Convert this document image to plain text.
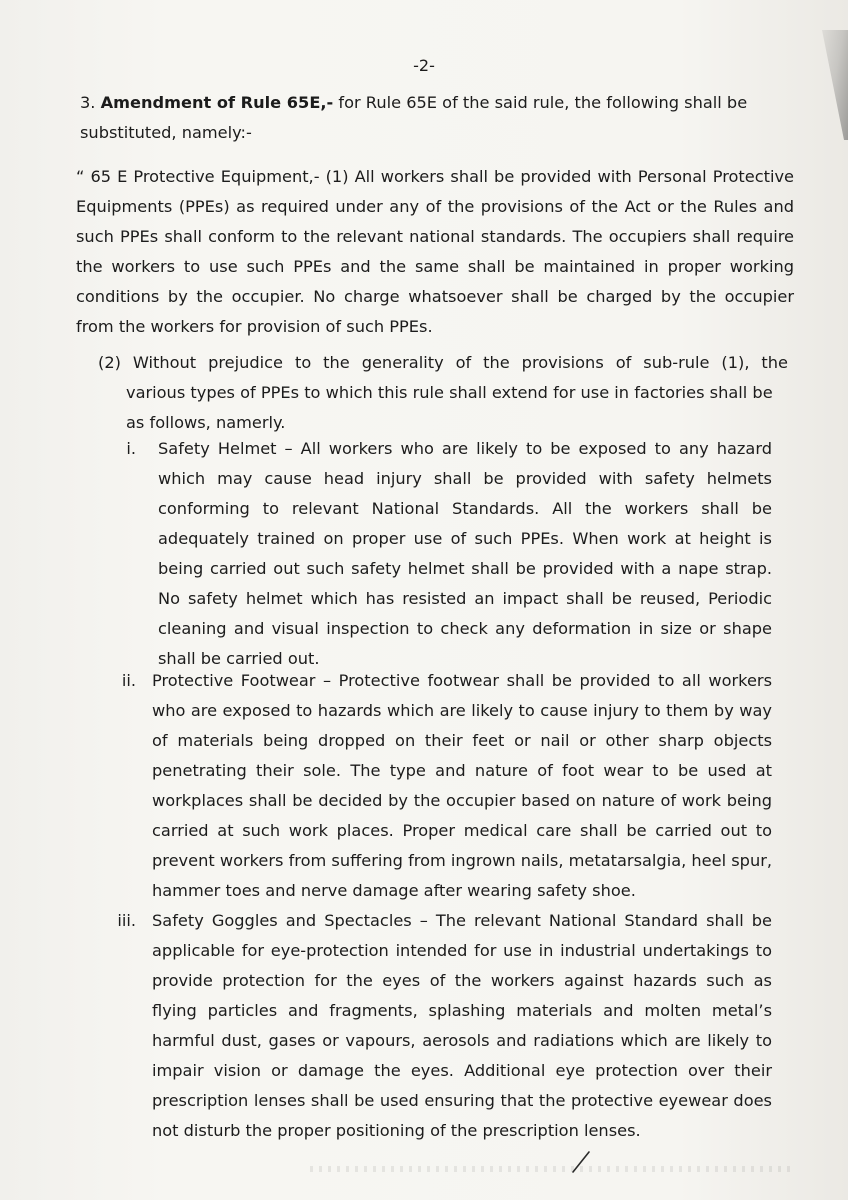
-2-
3. Amendment of Rule 65E,- for Rule 65E of the said rule, the following shall be substituted, namely:-
“ 65 E Protective Equipment,- (1) All workers shall be provided with Personal Protective Equipments (PPEs) as required under any of the provisions of the Act or the Rules and such PPEs shall conform to the relevant national standards. The occupiers shall require the workers to use such PPEs and the same shall be maintained in proper working conditions by the occupier. No charge whatsoever shall be charged by the occupier from the workers for provision of such PPEs.
(2) Without prejudice to the generality of the provisions of sub-rule (1), the
various types of PPEs to which this rule shall extend for use in factories shall be as follows, namerly.
i. Safety Helmet – All workers who are likely to be exposed to any hazard which may cause head injury shall be provided with safety helmets conforming to relevant National Standards. All the workers shall be adequately trained on proper use of such PPEs. When work at height is being carried out such safety helmet shall be provided with a nape strap. No safety helmet which has resisted an impact shall be reused, Periodic cleaning and visual inspection to check any deformation in size or shape shall be carried out.
ii. Protective Footwear – Protective footwear shall be provided to all workers who are exposed to hazards which are likely to cause injury to them by way of materials being dropped on their feet or nail or other sharp objects penetrating their sole. The type and nature of foot wear to be used at workplaces shall be decided by the occupier based on nature of work being carried at such work places. Proper medical care shall be carried out to prevent workers from suffering from ingrown nails, metatarsalgia, heel spur, hammer toes and nerve damage after wearing safety shoe.
iii. Safety Goggles and Spectacles – The relevant National Standard shall be applicable for eye-protection intended for use in industrial undertakings to provide protection for the eyes of the workers against hazards such as flying particles and fragments, splashing materials and molten metal’s harmful dust, gases or vapours, aerosols and radiations which are likely to impair vision or damage the eyes. Additional eye protection over their prescription lenses shall be used ensuring that the protective eyewear does not disturb the proper positioning of the prescription lenses.
